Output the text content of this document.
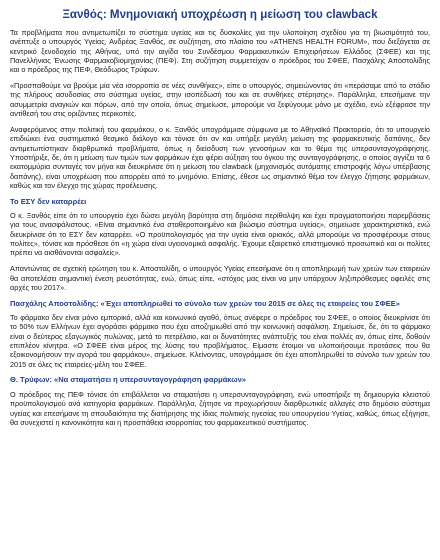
Ξανθός: Μνημονιακή υποχρέωση η μείωση του clawback

Τα προβλήματα που αντιμετωπίζει το σύστημα υγείας και τις δυσκολίες για την υλοποίηση σχεδίου για τη βιωσιμότητά του, ανέπτυξε ο υπουργός Υγείας, Ανδρέας Ξανθός, σε συζήτηση, στο πλαίσιο του «ATHENS HEALTH FORUM», που διεξάγεται σε κεντρικό ξενοδοχείο της Αθήνας, υπό την αιγίδα του Συνδέσμου Φαρμακευτικών Επιχειρήσεων Ελλάδος (ΣΦΕΕ) και της Πανελλήνιας Ένωσης Φαρμακοβιομηχανίας (ΠΕΦ). Στη συζήτηση συμμετείχαν ο πρόεδρος του ΣΦΕΕ, Πασχάλης Αποστολίδης και ο πρόεδρος της ΠΕΦ, Θεόδωρος Τρύφων.

«Προσπαθούμε να βρούμε μία νέα ισορροπία σε νέες συνθήκες», είπε ο υπουργός, σημειώνοντας ότι «περάσαμε από το στάδιο της πλήρους ασυδοσίας στο σύστημα υγείας, στην ισοπέδωσή του και σε συνθήκες στέρησης». Παράλληλα, επεσήμανε την ασυμμετρία αναγκών και πόρων, από την οποία, όπως σημείωσε, μπορούμε να ξεφύγουμε μόνο με σχέδιο, ενώ εξέφρασε την αντίθεσή του στις οριζόντιες περικοπές.

Αναφερόμενος στην πολιτική του φαρμάκου, ο κ. Ξανθός υπογράμμισε σύμφωνα με το Αθηναϊκό Πρακτορείο, ότι το υπουργείο επιδιώκει ένα συστηματικό θεσμικό διάλογο και τόνισε ότι αν και υπήρξε μεγάλη μείωση της φαρμακευτικής δαπάνης, δεν αντιμετωπίστηκαν διαρθρωτικά προβλήματα, όπως η διείσδυση των γενοσήμων και το θέμα της υπερσυνταγογράφησης. Υποστήριξε, δε, ότι η μείωση των τιμών των φαρμάκων έχει φέρει αύξηση του όγκου της συνταγογράφησης, ο οποίος αγγίζει τα 6 εκατομμύρια συνταγές τον μήνα και διευκρίνισε ότι η μείωση του clawback (μηχανισμός αυτόματης επιστροφής λόγω υπέρβασης δαπάνης), είναι υποχρέωση που απορρέει από το μνημόνιο. Επίσης, έθεσε ως σημαντικό θέμα τον έλεγχο ζήτησης φαρμάκων, καθώς και τον έλεγχο της χώρας προέλευσης.

Το ΕΣΥ δεν καταρρέει

Ο κ. Ξανθός είπε ότι το υπουργείο έχει δώσει μεγάλη βαρύτητα στη δημόσια περίθαλψη και έχει πραγματοποιήσει παρεμβάσεις για τους ανασφάλιστους. «Είναι σημαντικό ένα σταθεροποιημένο και βιώσιμο σύστημα υγείας», σημείωσε χαρακτηριστικά, ενώ διευκρίνισε ότι το ΕΣΥ δεν καταρρέει. «Ο προϋπολογισμός για την υγεία είναι οριακός, αλλά μπορούμε να προσφέρουμε στους πολίτες», τόνισε και πρόσθεσε ότι «η χώρα είναι υγειονομικά ασφαλής. Έχουμε εξαιρετικό επιστημονικό προσωπικό και οι πολίτες πρέπει να αισθάνονται ασφαλείς».

Απαντώντας σε σχετική ερώτηση του κ. Αποστολίδη, ο υπουργός Υγείας επεσήμανε ότι η αποπληρωμή των χρεών των εταιρειών θα αποτελέσει σημαντική ένεση ρευστότητας, ενώ, όπως είπε, «στόχος μας είναι να μην υπάρχουν ληξιπρόθεσμες οφειλές στις αρχές του 2017».

Πασχάλης Αποστολίδης: «Έχει αποπληρωθεί το σύνολο των χρεών του 2015 σε όλες τις εταιρείες του ΣΦΕΕ»

Το φάρμακο δεν είναι μόνο εμπορικό, αλλά και κοινωνικό αγαθό, όπως ανέφερε ο πρόεδρος του ΣΦΕΕ, ο οποίος διευκρίνισε ότι το 50% των Ελλήνων έχει αγοράσει φάρμακο που έχει αποζημιωθεί από την κοινωνική ασφάλιση. Σημείωσε, δε, ότι το φάρμακο είναι ο δεύτερος εξαγωγικός πυλώνας, μετά το πετρέλαιο, και οι δυνατότητες ανάπτυξής του είναι πολλές αν, όπως είπε, δοθούν επιπλέον κίνητρα. «Ο ΣΦΕΕ είναι μέρος της λύσης του προβλήματος. Είμαστε έτοιμοι να υλοποιήσουμε προτάσεις που θα εξοικονομήσουν την αγορά του φαρμάκου», σημείωσε. Κλείνοντας, υπογράμμισε ότι έχει αποπληρωθεί το σύνολο των χρεών του 2015 σε όλες τις εταιρείες-μέλη του ΣΦΕΕ.

Θ. Τρύφων: «Να σταματήσει η υπερσυνταγογράφηση φαρμάκων»

Ο πρόεδρος της ΠΕΦ τόνισε ότι επιβάλλεται να σταματήσει η υπερσυνταγογράφηση, ενώ υποστήριξε τη δημιουργία κλειστού προϋπολογισμού ανά κατηγορία φαρμάκων. Παράλληλα, ζήτησε να προχωρήσουν διαρθρωτικές αλλαγές στο δημόσιο σύστημα υγείας και επεσήμανε τη σπουδαιότητα της διατήρησης της ίδιας πολιτικής ηγεσίας του υπουργείου Υγείας, καθώς, όπως εξήγησε, θα συνεχιστεί η κανονικότητα και η προσπάθεια ισορροπίας του φαρμακευτικού συστήματος.
